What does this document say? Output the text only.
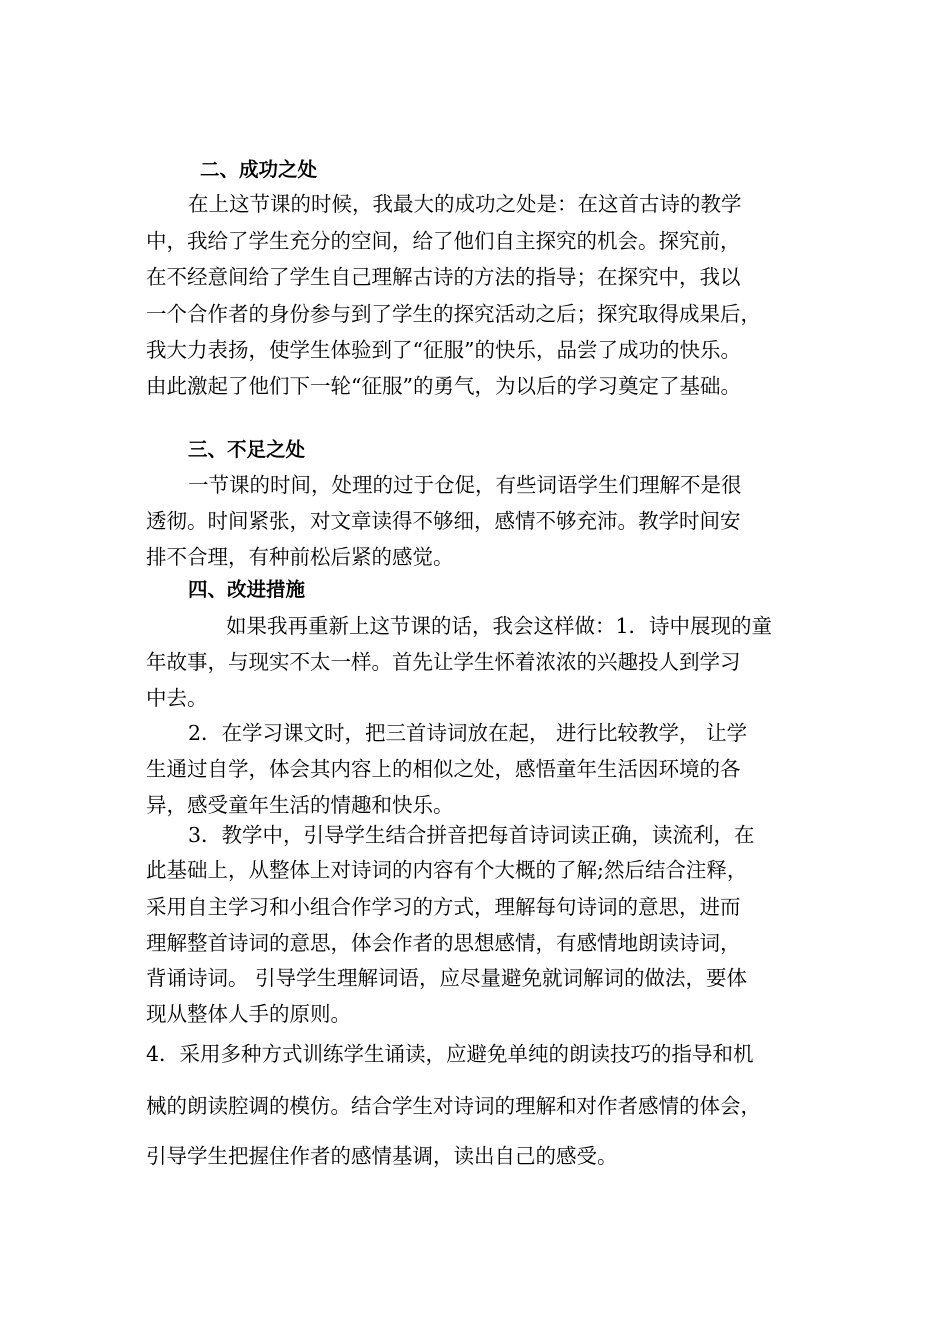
二、成功之处
在上这节课的时候，我最大的成功之处是：在这首古诗的教学
中，我给了学生充分的空间，给了他们自主探究的机会。探究前，
在不经意间给了学生自己理解古诗的方法的指导；在探究中，我以
一个合作者的身份参与到了学生的探究活动之后；探究取得成果后，
我大力表扬，使学生体验到了“征服”的快乐，品尝了成功的快乐。
由此激起了他们下一轮“征服”的勇气，为以后的学习奠定了基础。
三、不足之处
一节课的时间，处理的过于仓促，有些词语学生们理解不是很
透彻。时间紧张，对文章读得不够细，感情不够充沛。教学时间安
排不合理，有种前松后紧的感觉。
四、改进措施
如果我再重新上这节课的话，我会这样做：1．诗中展现的童
年故事，与现实不太一样。首先让学生怀着浓浓的兴趣投人到学习
中去。
2．在学习课文时，把三首诗词放在起， 进行比较教学， 让学
生通过自学，体会其内容上的相似之处，感悟童年生活因环境的各
异，感受童年生活的情趣和快乐。
3．教学中，引导学生结合拼音把每首诗词读正确，读流利，在
此基础上，从整体上对诗词的内容有个大概的了解;然后结合注释，
采用自主学习和小组合作学习的方式，理解每句诗词的意思，进而
理解整首诗词的意思，体会作者的思想感情，有感情地朗读诗词，
背诵诗词。 引导学生理解词语，应尽量避免就词解词的做法，要体
现从整体人手的原则。
4．采用多种方式训练学生诵读，应避免单纯的朗读技巧的指导和机
械的朗读腔调的模仿。结合学生对诗词的理解和对作者感情的体会，
引导学生把握住作者的感情基调，读出自己的感受。
